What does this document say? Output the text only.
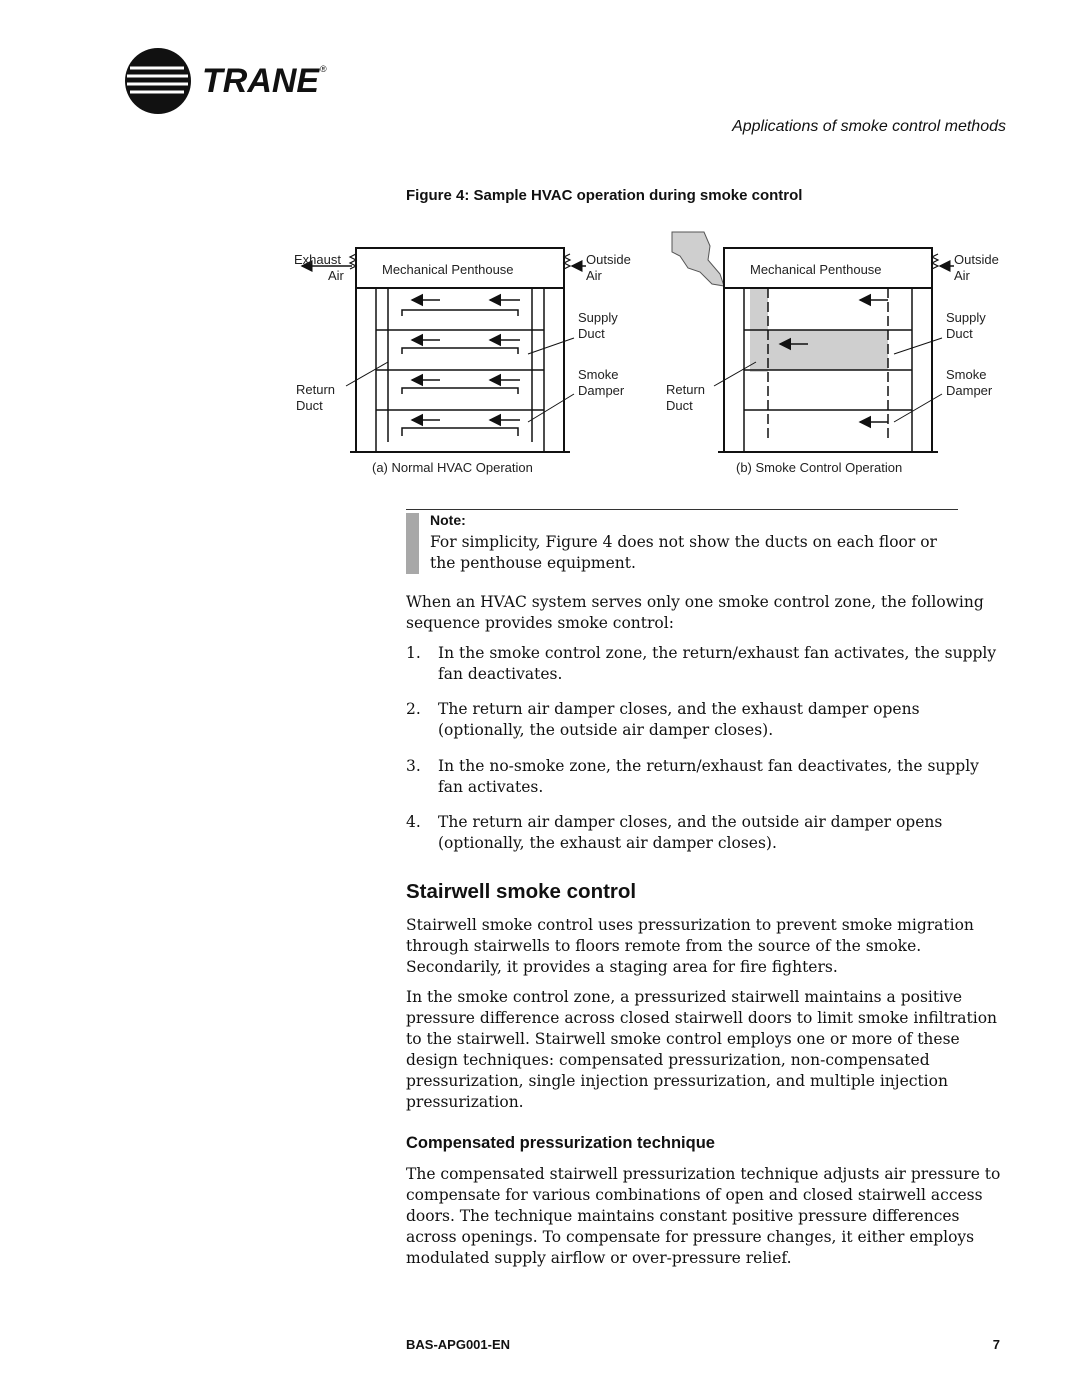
TRANE ®
Applications of smoke control methods
Figure 4: Sample HVAC operation during smoke control
Mechanical Penthouse
Exhaust
Air
Outside
Air
Supply
Duct
Smoke
Damper
Return
Duct
(a) Normal HVAC Operation
Mechanical Penthouse
Outside
Air
Supply
Duct
Smoke
Damper
Return
Duct
(b) Smoke Control Operation
Note:
For simplicity, Figure 4 does not show the ducts on each floor or the penthouse equipment.
When an HVAC system serves only one smoke control zone, the following sequence provides smoke control:
1. In the smoke control zone, the return/exhaust fan activates, the supply fan deactivates.
2. The return air damper closes, and the exhaust damper opens (optionally, the outside air damper closes).
3. In the no-smoke zone, the return/exhaust fan deactivates, the supply fan activates.
4. The return air damper closes, and the outside air damper opens (optionally, the exhaust air damper closes).
Stairwell smoke control
Stairwell smoke control uses pressurization to prevent smoke migration through stairwells to floors remote from the source of the smoke. Secondarily, it provides a staging area for fire fighters.
In the smoke control zone, a pressurized stairwell maintains a positive pressure difference across closed stairwell doors to limit smoke infiltration to the stairwell. Stairwell smoke control employs one or more of these design techniques: compensated pressurization, non-compensated pressurization, single injection pressurization, and multiple injection pressurization.
Compensated pressurization technique
The compensated stairwell pressurization technique adjusts air pressure to compensate for various combinations of open and closed stairwell access doors. The technique maintains constant positive pressure differences across openings. To compensate for pressure changes, it either employs modulated supply airflow or over-pressure relief.
BAS-APG001-EN	7
